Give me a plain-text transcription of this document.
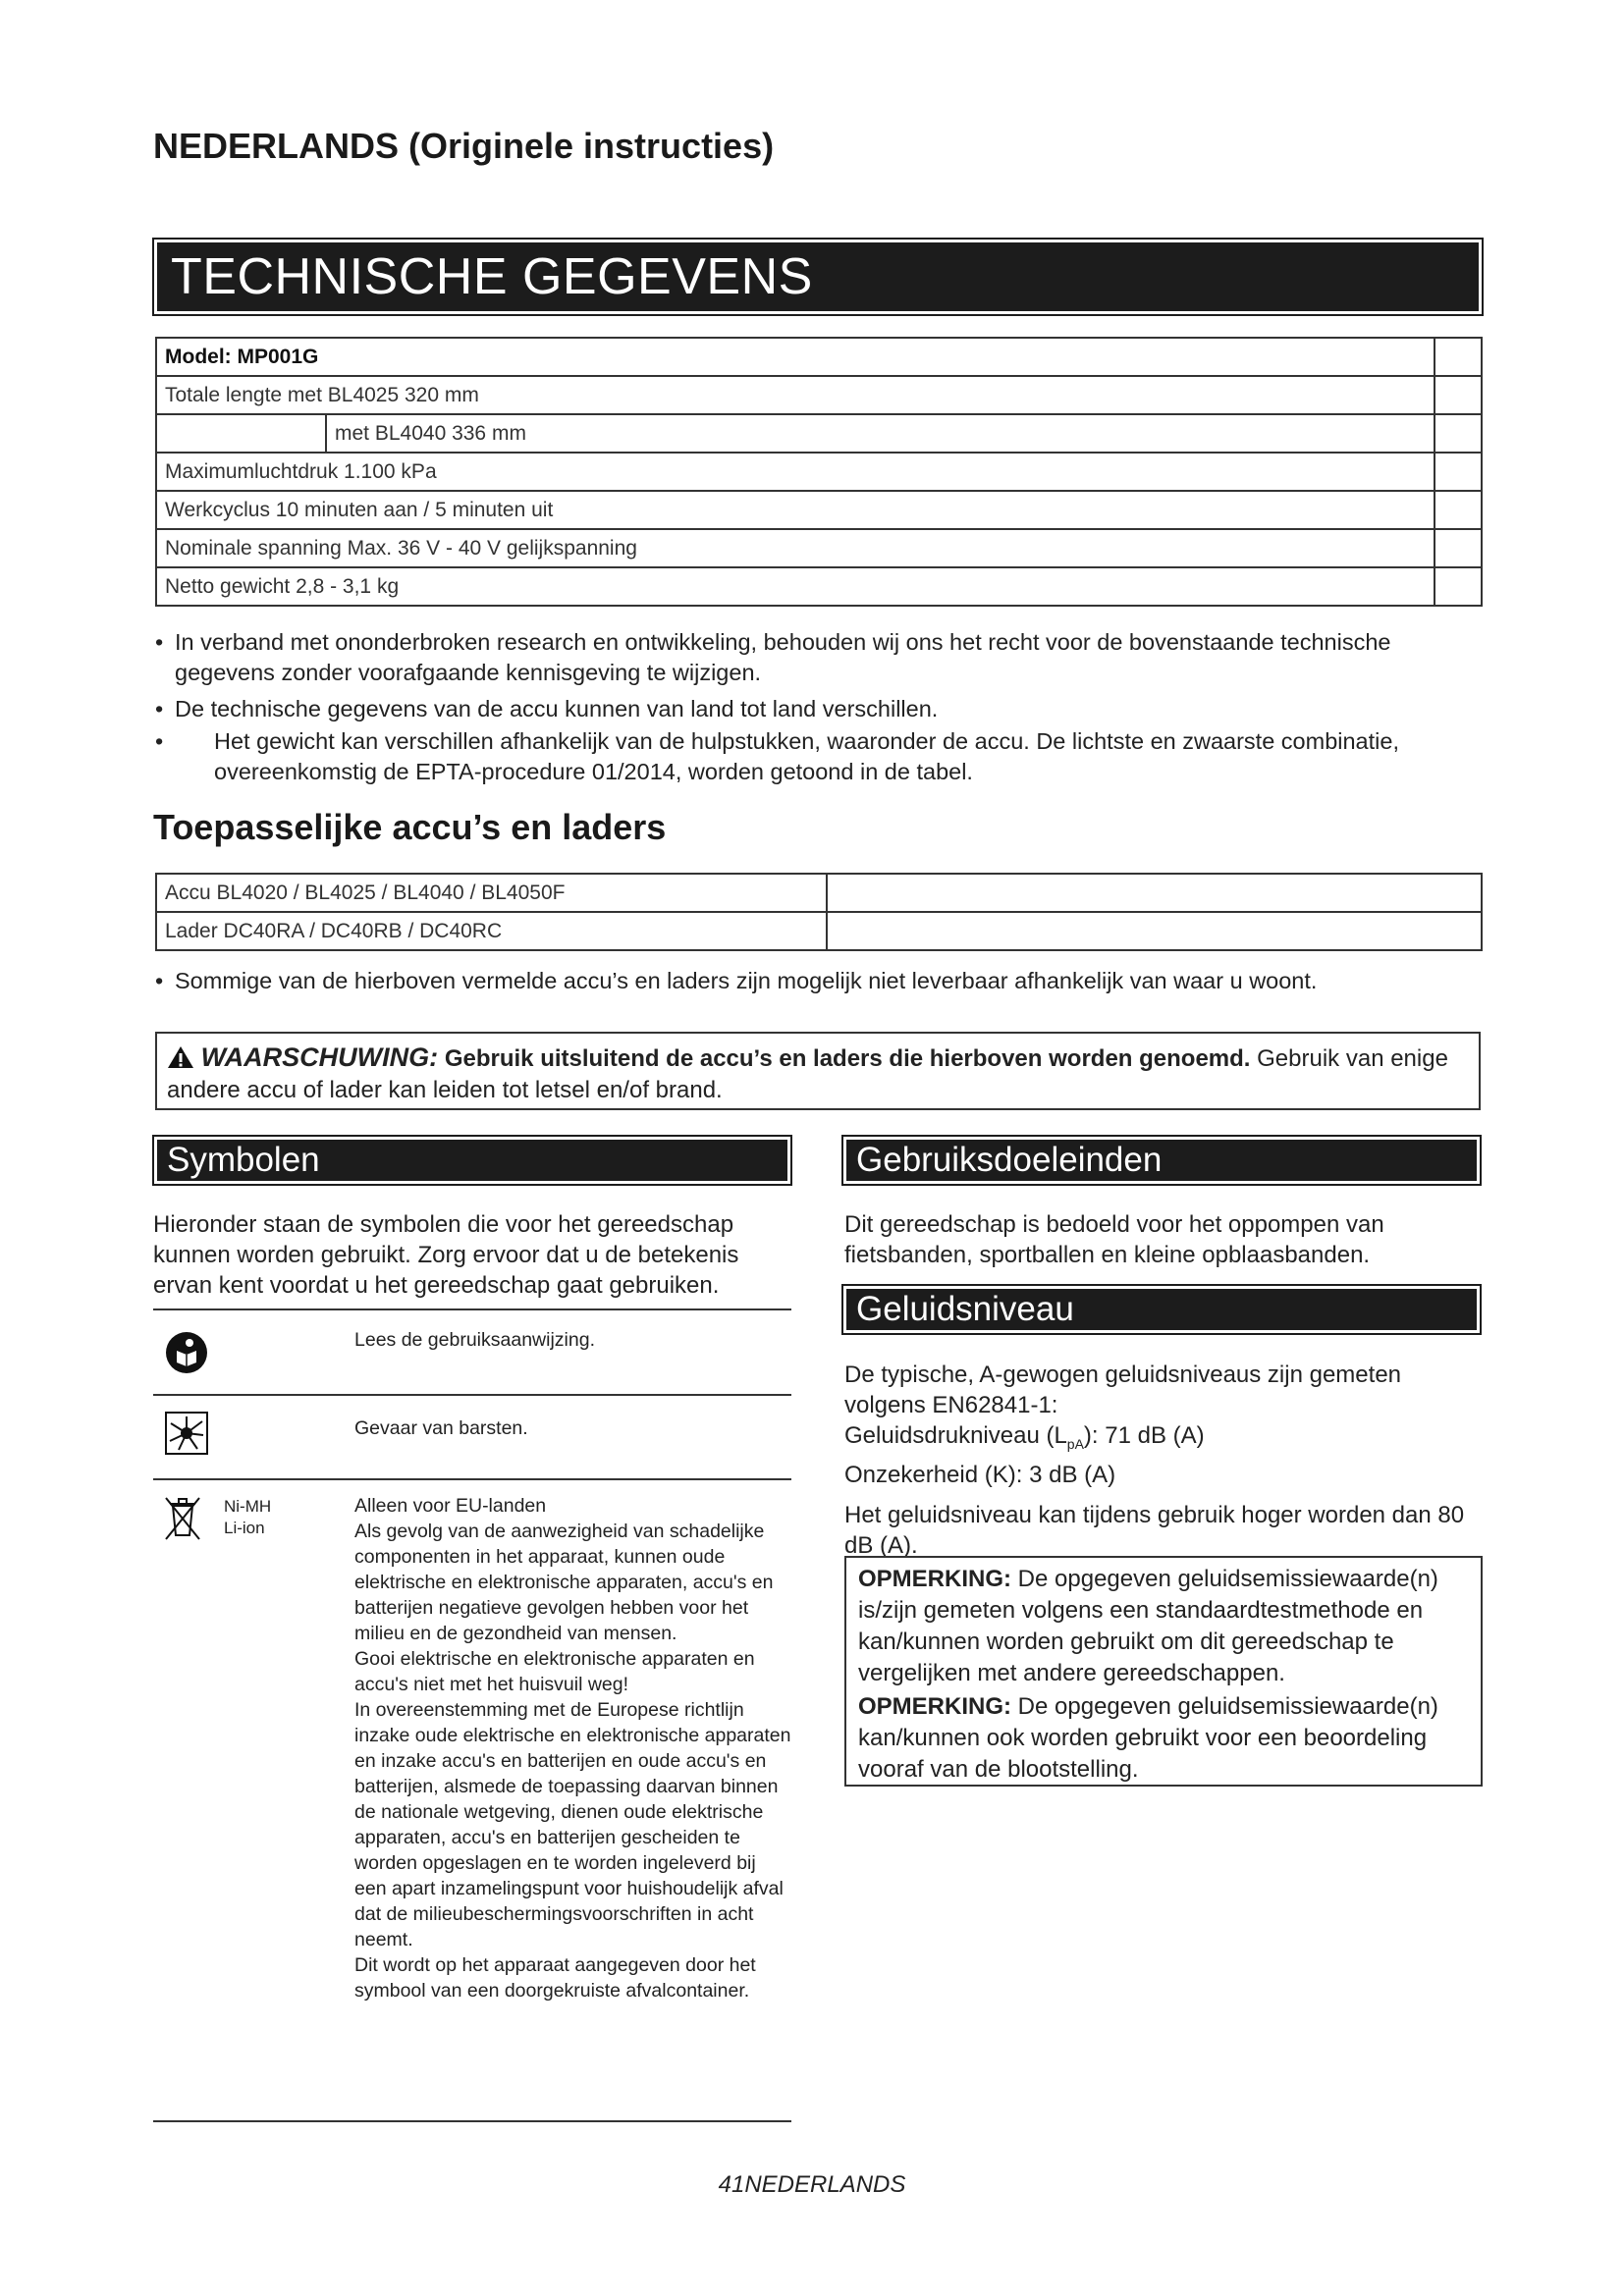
NEDERLANDS (Originele instructies)
TECHNISCHE GEGEVENS
Model: MP001G		
Totale lengte met BL4025 320 mm		
	met BL4040 336 mm	
Maximumluchtdruk 1.100 kPa		
Werkcyclus 10 minuten aan / 5 minuten uit		
Nominale spanning Max. 36 V - 40 V gelijkspanning		
Netto gewicht 2,8 - 3,1 kg		
• In verband met ononderbroken research en ontwikkeling, behouden wij ons het recht voor de bovenstaande technische gegevens zonder voorafgaande kennisgeving te wijzigen.
• De technische gegevens van de accu kunnen van land tot land verschillen.
•	Het gewicht kan verschillen afhankelijk van de hulpstukken, waaronder de accu. De lichtste en zwaarste combinatie, overeenkomstig de EPTA-procedure 01/2014, worden getoond in de tabel.
Toepasselijke accu’s en laders
Accu BL4020 / BL4025 / BL4040 / BL4050F	
Lader DC40RA / DC40RB / DC40RC	
• Sommige van de hierboven vermelde accu’s en laders zijn mogelijk niet leverbaar afhankelijk van waar u woont.
WAARSCHUWING: Gebruik uitsluitend de accu’s en laders die hierboven worden genoemd. Gebruik van enige andere accu of lader kan leiden tot letsel en/of brand.
Symbolen
Hieronder staan de symbolen die voor het gereedschap kunnen worden gebruikt. Zorg ervoor dat u de betekenis ervan kent voordat u het gereedschap gaat gebruiken.
Lees de gebruiksaanwijzing.
Gevaar van barsten.
Ni-MH
Li-ion
Alleen voor EU-landen
Als gevolg van de aanwezigheid van schadelijke componenten in het apparaat, kunnen oude elektrische en elektronische apparaten, accu's en batterijen negatieve gevolgen hebben voor het milieu en de gezondheid van mensen.
Gooi elektrische en elektronische apparaten en accu's niet met het huisvuil weg!
In overeenstemming met de Europese richtlijn inzake oude elektrische en elektronische apparaten en inzake accu's en batterijen en oude accu's en batterijen, alsmede de toepassing daarvan binnen de nationale wetgeving, dienen oude elektrische apparaten, accu's en batterijen gescheiden te worden opgeslagen en te worden ingeleverd bij een apart inzamelingspunt voor huishoudelijk afval dat de milieubeschermingsvoorschriften in acht neemt.
Dit wordt op het apparaat aangegeven door het symbool van een doorgekruiste afvalcontainer.
Gebruiksdoeleinden
Dit gereedschap is bedoeld voor het oppompen van fietsbanden, sportballen en kleine opblaasbanden.
Geluidsniveau
De typische, A-gewogen geluidsniveaus zijn gemeten volgens EN62841-1:
Geluidsdrukniveau $(L_{pA})$: 71 dB (A)
Onzekerheid (K): 3 dB (A)
Het geluidsniveau kan tijdens gebruik hoger worden dan 80 dB (A).
OPMERKING: De opgegeven geluidsemissiewaarde(n) is/zijn gemeten volgens een standaardtestmethode en kan/kunnen worden gebruikt om dit gereedschap te vergelijken met andere gereedschappen.
OPMERKING: De opgegeven geluidsemissiewaarde(n) kan/kunnen ook worden gebruikt voor een beoordeling vooraf van de blootstelling.
41NEDERLANDS
